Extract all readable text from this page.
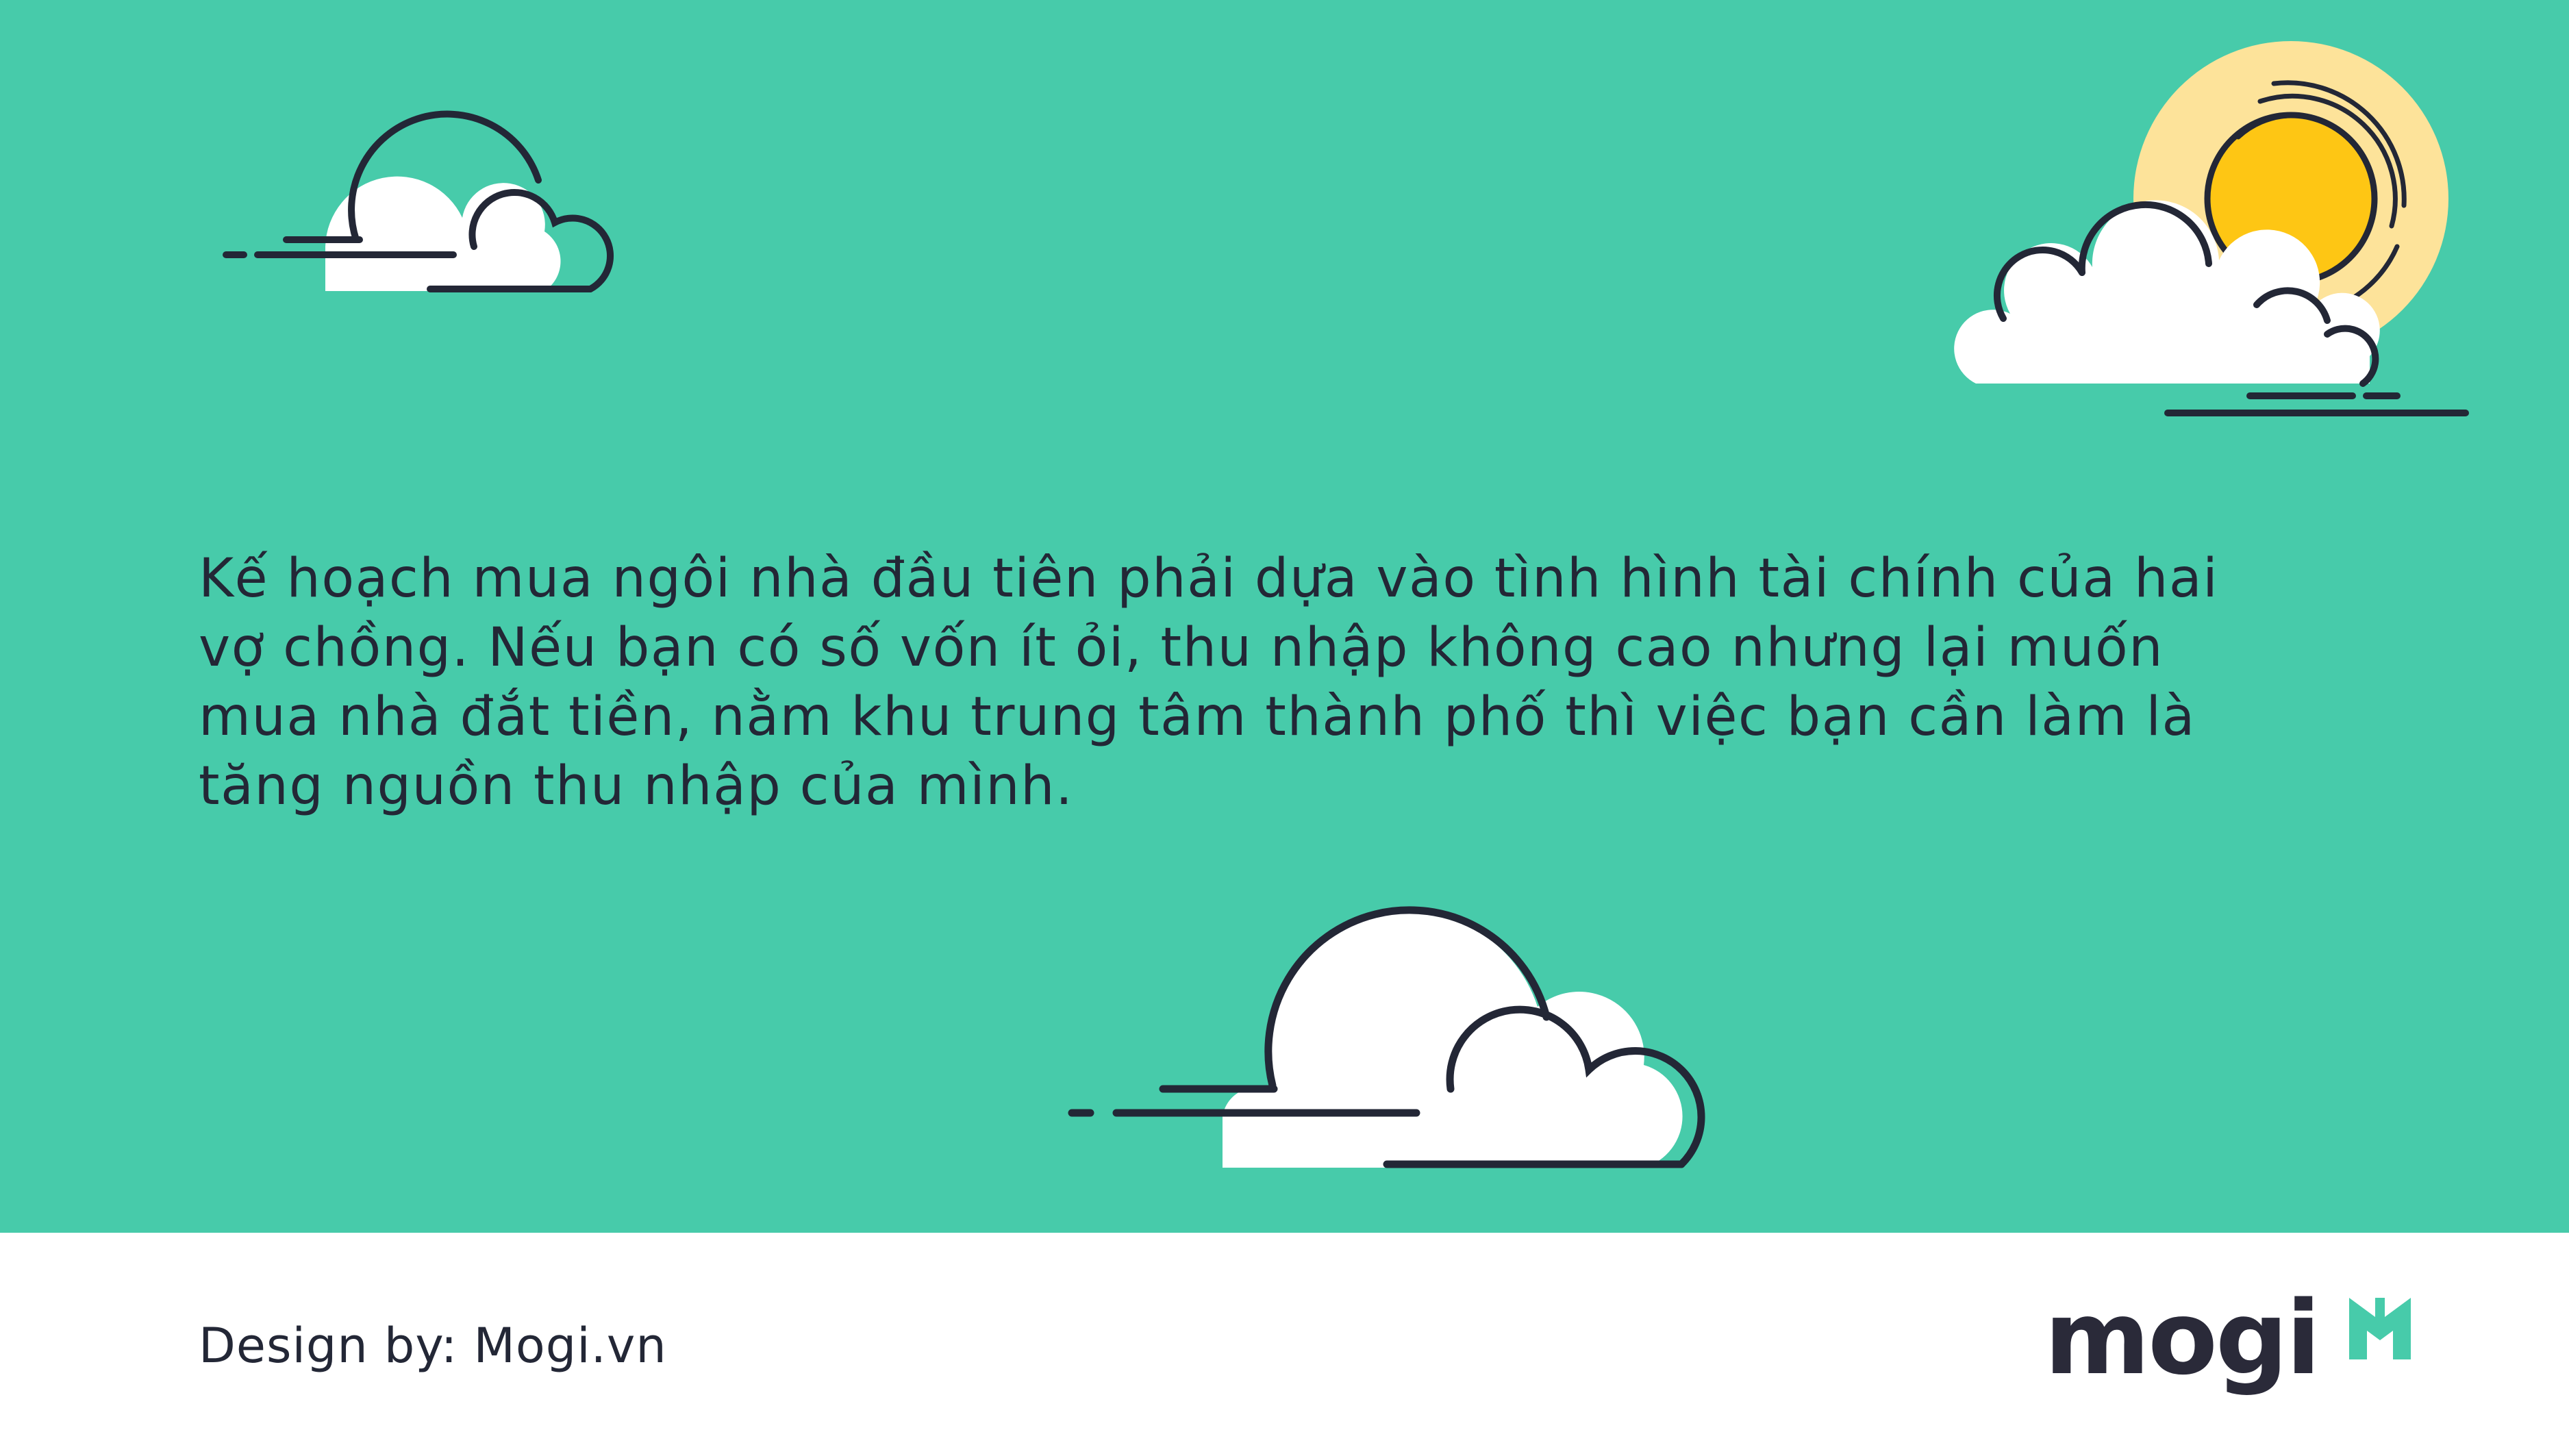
Kế hoạch mua ngôi nhà đầu tiên phải dựa vào tình hình tài chính của hai
vợ chồng. Nếu bạn có số vốn ít ỏi, thu nhập không cao nhưng lại muốn
mua nhà đắt tiền, nằm khu trung tâm thành phố thì việc bạn cần làm là
tăng nguồn thu nhập của mình.

Design by: Mogi.vn	mogi
